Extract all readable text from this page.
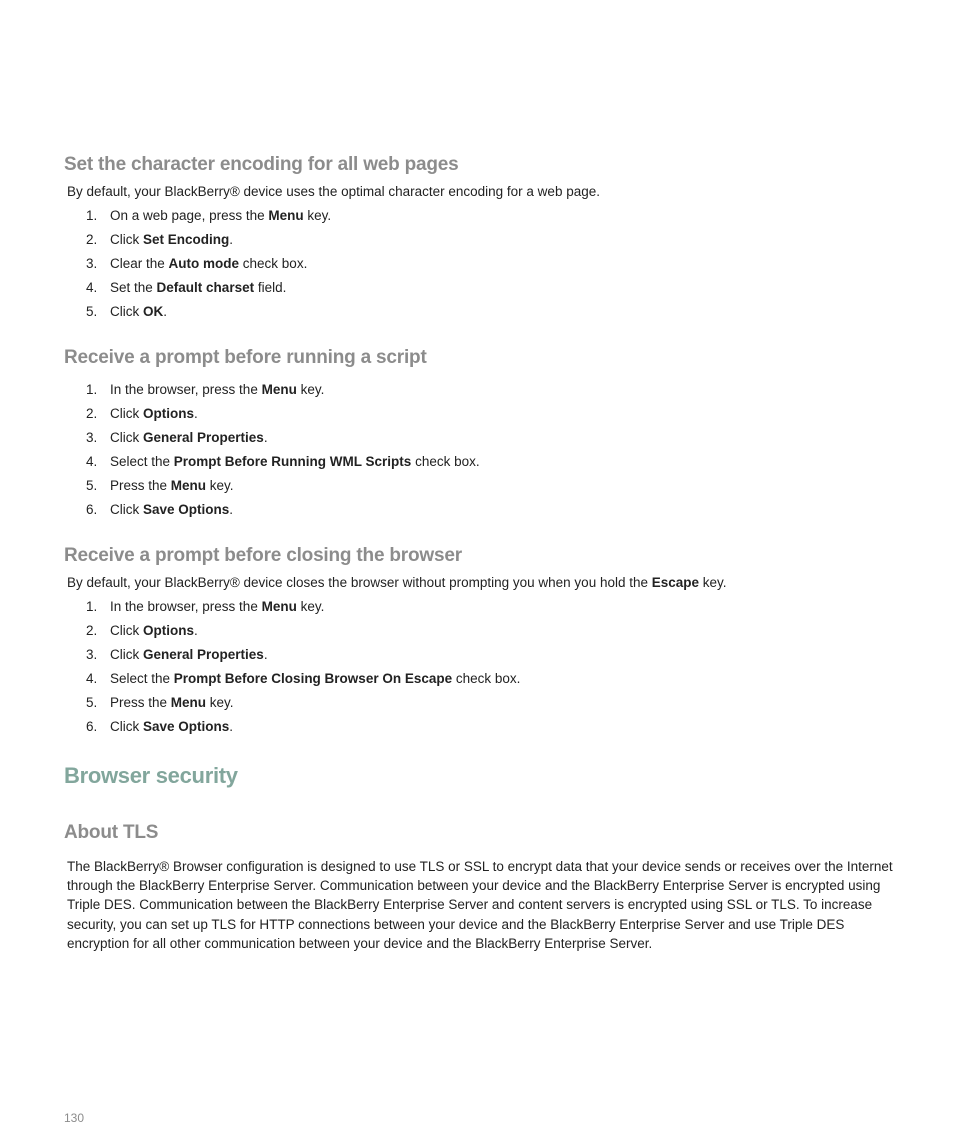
Set the character encoding for all web pages

By default, your BlackBerry® device uses the optimal character encoding for a web page.

1. On a web page, press the Menu key.
2. Click Set Encoding.
3. Clear the Auto mode check box.
4. Set the Default charset field.
5. Click OK.
Receive a prompt before running a script
1. In the browser, press the Menu key.
2. Click Options.
3. Click General Properties.
4. Select the Prompt Before Running WML Scripts check box.
5. Press the Menu key.
6. Click Save Options.
Receive a prompt before closing the browser

By default, your BlackBerry® device closes the browser without prompting you when you hold the Escape key.

1. In the browser, press the Menu key.
2. Click Options.
3. Click General Properties.
4. Select the Prompt Before Closing Browser On Escape check box.
5. Press the Menu key.
6. Click Save Options.
Browser security
About TLS

The BlackBerry® Browser configuration is designed to use TLS or SSL to encrypt data that your device sends or receives over the Internet through the BlackBerry Enterprise Server. Communication between your device and the BlackBerry Enterprise Server is encrypted using Triple DES. Communication between the BlackBerry Enterprise Server and content servers is encrypted using SSL or TLS. To increase security, you can set up TLS for HTTP connections between your device and the BlackBerry Enterprise Server and use Triple DES encryption for all other communication between your device and the BlackBerry Enterprise Server.

130
